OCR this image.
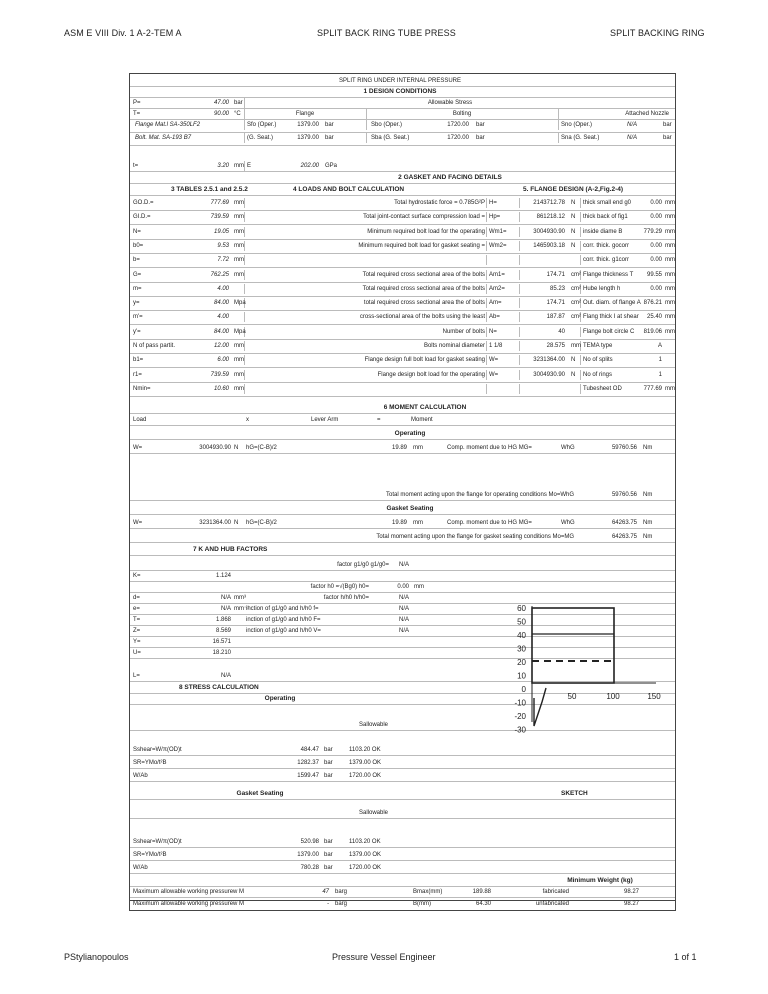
ASM E VIII Div. 1 A-2-TEM A	SPLIT BACK RING TUBE PRESS	SPLIT BACKING RING
SPLIT RING UNDER INTERNAL PRESSURE
1 DESIGN CONDITIONS
P=	47.00 bar	Allowable Stress
T=	90.00 °C	Flange	Bolting	Attached Nozzle
Flange Mat.l SA-350LF2	Sfo (Oper.)	1379.00 bar	Sbo (Oper.)	1720.00 bar	Sno (Oper.)	N/A	bar
Bolt. Mat. SA-193 B7	(G. Seat.)	1379.00 bar	Sba (G. Seat.)	1720.00 bar	Sna (G. Seat.)	N/A	bar
t=	3.20 mm E	202.00 GPa
2 GASKET AND FACING DETAILS
3 TABLES 2.5.1 and 2.5.2	4 LOADS AND BOLT CALCULATION	5. FLANGE DESIGN (A-2,Fig.2-4)
GO.D.=	777.69 mm	Total hydrostatic force = 0.785G²P H=	2143712.78 N thick small end g0	0.00 mm
GI.D.=	739.59 mm	Total joint-contact surface compression load = Hp=	861218.12 N thick back of fig1	0.00 mm
N=	19.05 mm	Minimum required bolt load for the operating Wm1=	3004930.90 N inside diame B	779.29 mm
b0=	9.53 mm	Minimum required bolt load for gasket seating = Wm2=	1465903.18 N corr. thick. gocorr	0.00 mm
b=	7.72 mm	corr. thick. g1corr	0.00 mm
G=	762.25 mm	Total required cross sectional area of the bolts Am1=	174.71 cm² Flange thickness T	99.55 mm
m=	4.00	Total required cross sectional area of the bolts Am2=	85.23 cm² Hube length h	0.00 mm
y=	84.00 Mpa	total required cross sectional area the of bolts Am=	174.71 cm² Out. diam. of flange A 876.21 mm
m'=	4.00	cross-sectional area of the bolts using the least Ab=	187.87 cm² Flang thick I at shear	25.40 mm
y'=	84.00 Mpa	Number of bolts N=	40	Flange bolt circle C	819.06 mm
N of pass partit.	12.00 mm	Bolts nominal diameter 1 1/8	28.575 mm TEMA type	A
b1=	6.00 mm	Flange design full bolt load for gasket seating W=	3231364.00 N No of splits	1
r1=	739.59 mm	Flange design bolt load for the operating W=	3004930.90 N No of rings	1
Nmin=	10.60 mm	Tubesheet OD	777.69 mm
6 MOMENT CALCULATION
Load	x	Lever Arm	=	Moment
Operating
W=	3004930.90 N hG=(C-B)/2	19.89 mm	Comp. moment due to HG MG=	WhG	59760.56 Nm
Total moment acting upon the flange for operating conditions Mo=WhG	59760.56 Nm
Gasket Seating
W=	3231364.00 N hG=(C-B)/2	19.89 mm	Comp. moment due to HG MG=	WhG	64263.75 Nm
Total moment acting upon the flange for gasket seating conditions Mo=MG	64263.75 Nm
7 K AND HUB FACTORS
factor g1/g0 g1/g0=	N/A
K=	1.124
factor h0 =√(Bg0) h0=	0.00 mm
d=	N/A mm³	factor h/h0 h/h0=	N/A
e=	N/A mm⁻¹
inction of g1/g0 and h/h0 f=	N/A
T=	1.868	inction of g1/g0 and h/h0 F=	N/A
Z=	8.569	inction of g1/g0 and h/h0 V=	N/A
Y=	16.571
U=	18.210
L=	N/A
8 STRESS CALCULATION
Operating
Sallowable
Sshear=W/π(OD)t	484.47 bar	1103.20 OK
SR=YMo/t²B	1282.37 bar	1379.00 OK
W/Ab	1599.47 bar	1720.00 OK
Gasket Seating	SKETCH
Sallowable
Sshear=W/π(OD)t	520.98 bar	1103.20 OK
SR=YMo/t²B	1379.00 bar	1379.00 OK
W/Ab	780.28 bar	1720.00 OK
Minimum Weight (kg)
Maximum allowable working pressurew M	47 barg	Bmax(mm)	189.88	fabricated	98.27
Maximum allowable working pressurew M	- barg	B(mm)	64.30	unfabricated	98.27
60
50
40
30
20
10
0
-10
-20
-30
50	100	150
PStylianopoulos	Pressure Vessel Engineer	1 of 1
